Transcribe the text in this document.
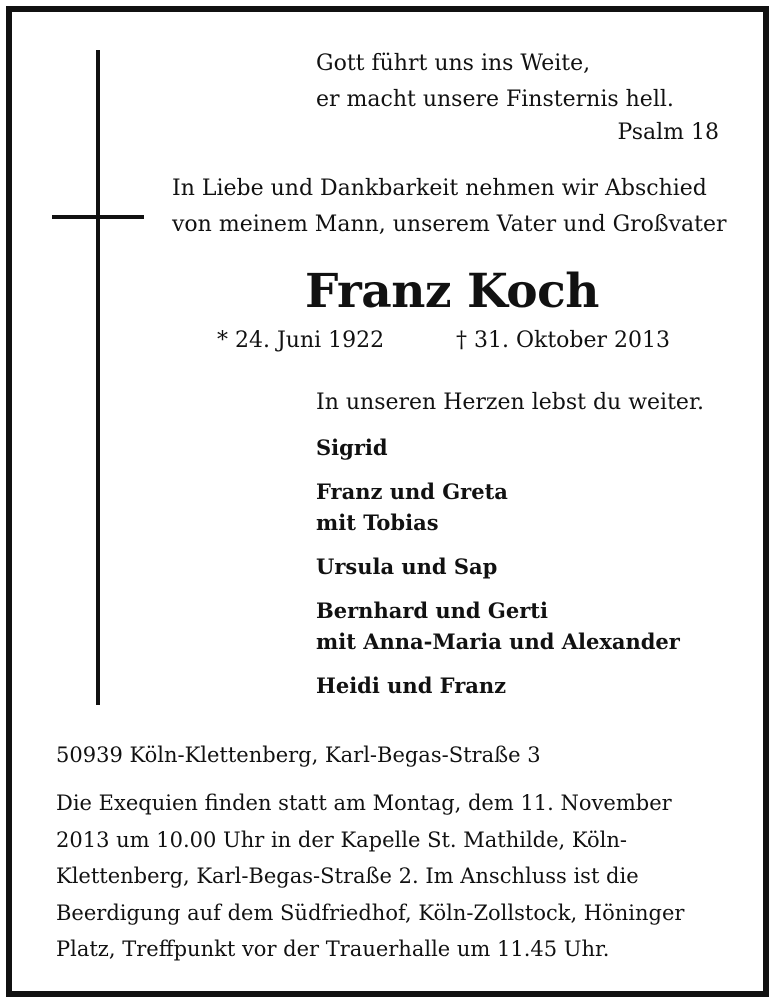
Gott führt uns ins Weite,
er macht unsere Finsternis hell.
Psalm 18
In Liebe und Dankbarkeit nehmen wir Abschied
von meinem Mann, unserem Vater und Großvater
Franz Koch
* 24. Juni 1922	† 31. Oktober 2013
In unseren Herzen lebst du weiter.
Sigrid
Franz und Greta
mit Tobias
Ursula und Sap
Bernhard und Gerti
mit Anna-Maria und Alexander
Heidi und Franz
50939 Köln-Klettenberg, Karl-Begas-Straße 3
Die Exequien finden statt am Montag, dem 11. November
2013 um 10.00 Uhr in der Kapelle St. Mathilde, Köln-
Klettenberg, Karl-Begas-Straße 2. Im Anschluss ist die
Beerdigung auf dem Südfriedhof, Köln-Zollstock, Höninger
Platz, Treffpunkt vor der Trauerhalle um 11.45 Uhr.
